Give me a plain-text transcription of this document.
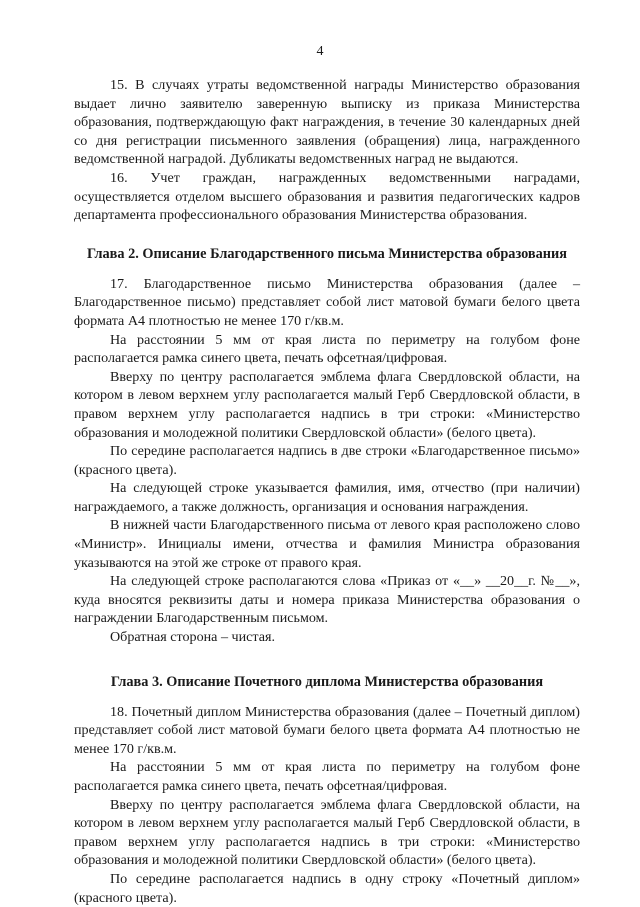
4

15. В случаях утраты ведомственной награды Министерство образования выдает лично заявителю заверенную выписку из приказа Министерства образования, подтверждающую факт награждения, в течение 30 календарных дней со дня регистрации письменного заявления (обращения) лица, награжденного ведомственной наградой. Дубликаты ведомственных наград не выдаются.

16. Учет граждан, награжденных ведомственными наградами, осуществляется отделом высшего образования и развития педагогических кадров департамента профессионального образования Министерства образования.

Глава 2. Описание Благодарственного письма Министерства образования

17. Благодарственное письмо Министерства образования (далее – Благодарственное письмо) представляет собой лист матовой бумаги белого цвета формата А4 плотностью не менее 170 г/кв.м.

На расстоянии 5 мм от края листа по периметру на голубом фоне располагается рамка синего цвета, печать офсетная/цифровая.

Вверху по центру располагается эмблема флага Свердловской области, на котором в левом верхнем углу располагается малый Герб Свердловской области, в правом верхнем углу располагается надпись в три строки: «Министерство образования и молодежной политики Свердловской области» (белого цвета).

По середине располагается надпись в две строки «Благодарственное письмо» (красного цвета).

На следующей строке указывается фамилия, имя, отчество (при наличии) награждаемого, а также должность, организация и основания награждения.

В нижней части Благодарственного письма от левого края расположено слово «Министр». Инициалы имени, отчества и фамилия Министра образования указываются на этой же строке от правого края.

На следующей строке располагаются слова «Приказ от «__» __20__г. №__», куда вносятся реквизиты даты и номера приказа Министерства образования о награждении Благодарственным письмом.

Обратная сторона – чистая.

Глава 3. Описание Почетного диплома Министерства образования

18. Почетный диплом Министерства образования (далее – Почетный диплом) представляет собой лист матовой бумаги белого цвета формата А4 плотностью не менее 170 г/кв.м.

На расстоянии 5 мм от края листа по периметру на голубом фоне располагается рамка синего цвета, печать офсетная/цифровая.

Вверху по центру располагается эмблема флага Свердловской области, на котором в левом верхнем углу располагается малый Герб Свердловской области, в правом верхнем углу располагается надпись в три строки: «Министерство образования и молодежной политики Свердловской области» (белого цвета).

По середине располагается надпись в одну строку «Почетный диплом» (красного цвета).
